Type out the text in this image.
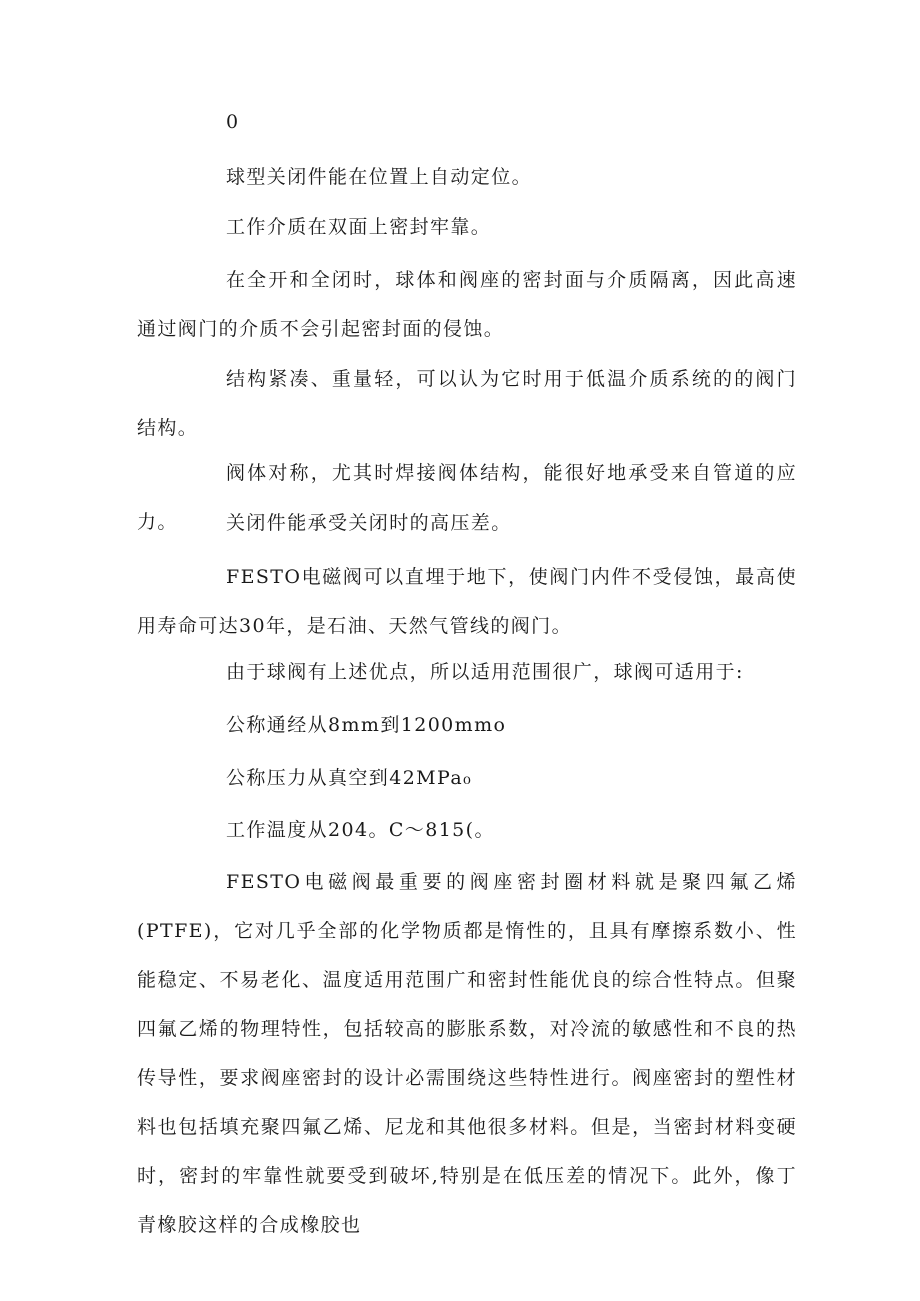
0

球型关闭件能在位置上自动定位。

工作介质在双面上密封牢靠。

在全开和全闭时，球体和阀座的密封面与介质隔离，因此高速通过阀门的介质不会引起密封面的侵蚀。

结构紧凑、重量轻，可以认为它时用于低温介质系统的的阀门结构。

阀体对称，尤其时焊接阀体结构，能很好地承受来自管道的应力。	关闭件能承受关闭时的高压差。

FESTO电磁阀可以直埋于地下，使阀门内件不受侵蚀，最高使用寿命可达30年，是石油、天然气管线的阀门。

由于球阀有上述优点，所以适用范围很广，球阀可适用于:

公称通经从8mm到1200mmo

公称压力从真空到42MPa₀

工作温度从204。C～815(。

FESTO电磁阀最重要的阀座密封圈材料就是聚四氟乙烯(PTFE)，它对几乎全部的化学物质都是惰性的，且具有摩擦系数小、性能稳定、不易老化、温度适用范围广和密封性能优良的综合性特点。但聚四氟乙烯的物理特性，包括较高的膨胀系数，对冷流的敏感性和不良的热传导性，要求阀座密封的设计必需围绕这些特性进行。阀座密封的塑性材料也包括填充聚四氟乙烯、尼龙和其他很多材料。但是，当密封材料变硬时，密封的牢靠性就要受到破坏,特别是在低压差的情况下。此外，像丁青橡胶这样的合成橡胶也
